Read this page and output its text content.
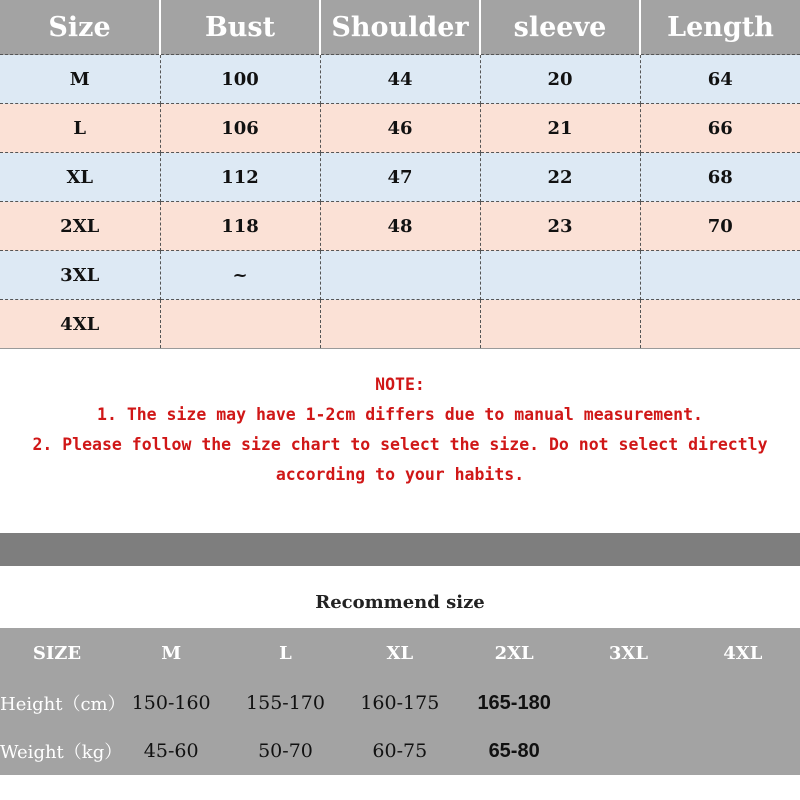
Size	Bust	Shoulder	sleeve	Length
M	100	44	20	64
L	106	46	21	66
XL	112	47	22	68
2XL	118	48	23	70
3XL	~			
4XL				
NOTE:
1. The size may have 1-2cm differs due to manual measurement.
2. Please follow the size chart to select the size. Do not select directly
according to your habits.
Recommend size
SIZE	M	L	XL	2XL	3XL	4XL
Height（cm）	150-160	155-170	160-175	165-180		
Weight（kg）	45-60	50-70	60-75	65-80		
